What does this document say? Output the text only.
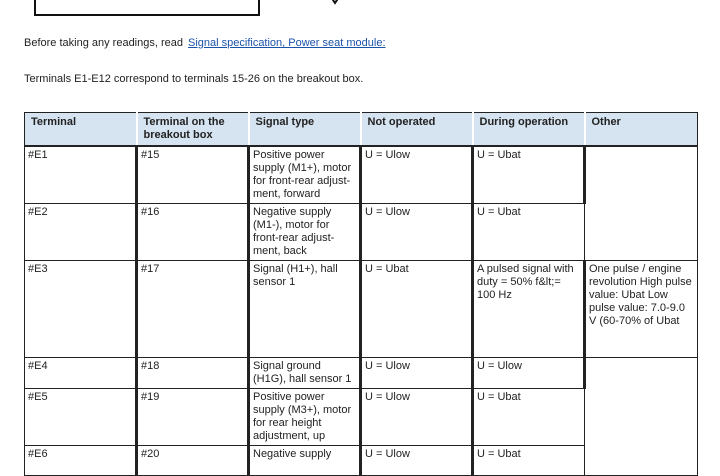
Before taking any readings, read Signal specification, Power seat module:
Terminals E1-E12 correspond to terminals 15-26 on the breakout box.
Terminal	Terminal on the breakout box	Signal type	Not operated	During operation	Other
#E1	#15	Positive power supply (M1+), motor for front-rear adjust-ment, forward	U = Ulow	U = Ubat	
#E2	#16	Negative supply (M1-), motor for front-rear adjust-ment, back	U = Ulow	U = Ubat	
#E3	#17	Signal (H1+), hall sensor 1	U = Ubat	A pulsed signal with duty = 50% f&lt;= 100 Hz	One pulse / engine revolution High pulse value: Ubat Low pulse value: 7.0-9.0 V (60-70% of Ubat
#E4	#18	Signal ground (H1G), hall sensor 1	U = Ulow	U = Ulow	
#E5	#19	Positive power supply (M3+), motor for rear height adjustment, up	U = Ulow	U = Ubat	
#E6	#20	Negative supply	U = Ulow	U = Ubat	
